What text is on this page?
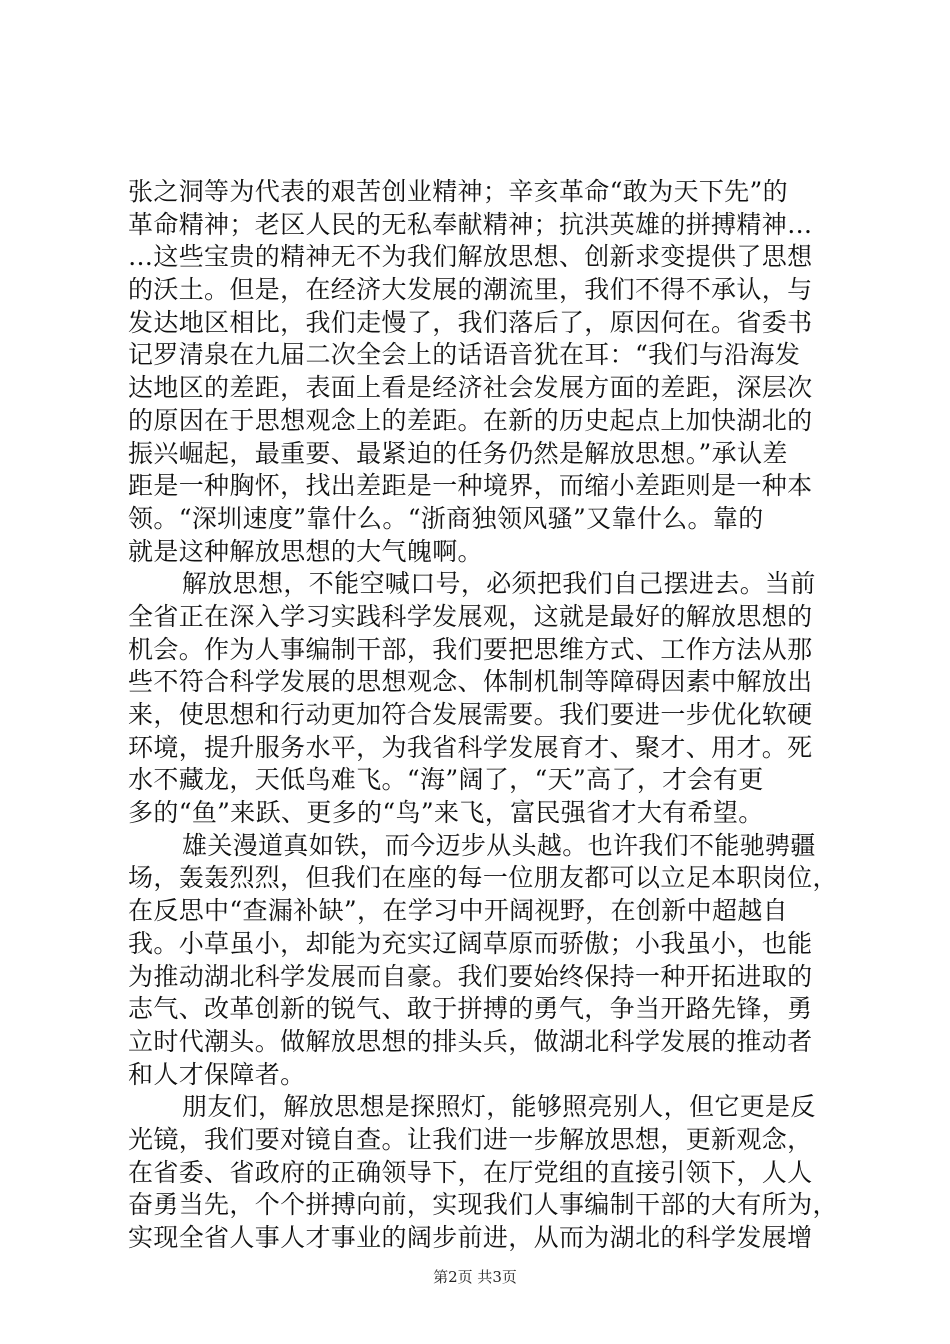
张之洞等为代表的艰苦创业精神；辛亥革命“敢为天下先”的
革命精神；老区人民的无私奉献精神；抗洪英雄的拼搏精神…
…这些宝贵的精神无不为我们解放思想、创新求变提供了思想
的沃土。但是，在经济大发展的潮流里，我们不得不承认，与
发达地区相比，我们走慢了，我们落后了，原因何在。省委书
记罗清泉在九届二次全会上的话语音犹在耳：“我们与沿海发
达地区的差距，表面上看是经济社会发展方面的差距，深层次
的原因在于思想观念上的差距。在新的历史起点上加快湖北的
振兴崛起，最重要、最紧迫的任务仍然是解放思想。”承认差
距是一种胸怀，找出差距是一种境界，而缩小差距则是一种本
领。“深圳速度”靠什么。“浙商独领风骚”又靠什么。靠的
就是这种解放思想的大气魄啊。
解放思想，不能空喊口号，必须把我们自己摆进去。当前
全省正在深入学习实践科学发展观，这就是最好的解放思想的
机会。作为人事编制干部，我们要把思维方式、工作方法从那
些不符合科学发展的思想观念、体制机制等障碍因素中解放出
来，使思想和行动更加符合发展需要。我们要进一步优化软硬
环境，提升服务水平，为我省科学发展育才、聚才、用才。死
水不藏龙，天低鸟难飞。“海”阔了，“天”高了，才会有更
多的“鱼”来跃、更多的“鸟”来飞，富民强省才大有希望。
雄关漫道真如铁，而今迈步从头越。也许我们不能驰骋疆
场，轰轰烈烈，但我们在座的每一位朋友都可以立足本职岗位，
在反思中“查漏补缺”，在学习中开阔视野，在创新中超越自
我。小草虽小，却能为充实辽阔草原而骄傲；小我虽小，也能
为推动湖北科学发展而自豪。我们要始终保持一种开拓进取的
志气、改革创新的锐气、敢于拼搏的勇气，争当开路先锋，勇
立时代潮头。做解放思想的排头兵，做湖北科学发展的推动者
和人才保障者。
朋友们，解放思想是探照灯，能够照亮别人，但它更是反
光镜，我们要对镜自查。让我们进一步解放思想，更新观念，
在省委、省政府的正确领导下，在厅党组的直接引领下，人人
奋勇当先，个个拼搏向前，实现我们人事编制干部的大有所为，
实现全省人事人才事业的阔步前进，从而为湖北的科学发展增
第2页 共3页
